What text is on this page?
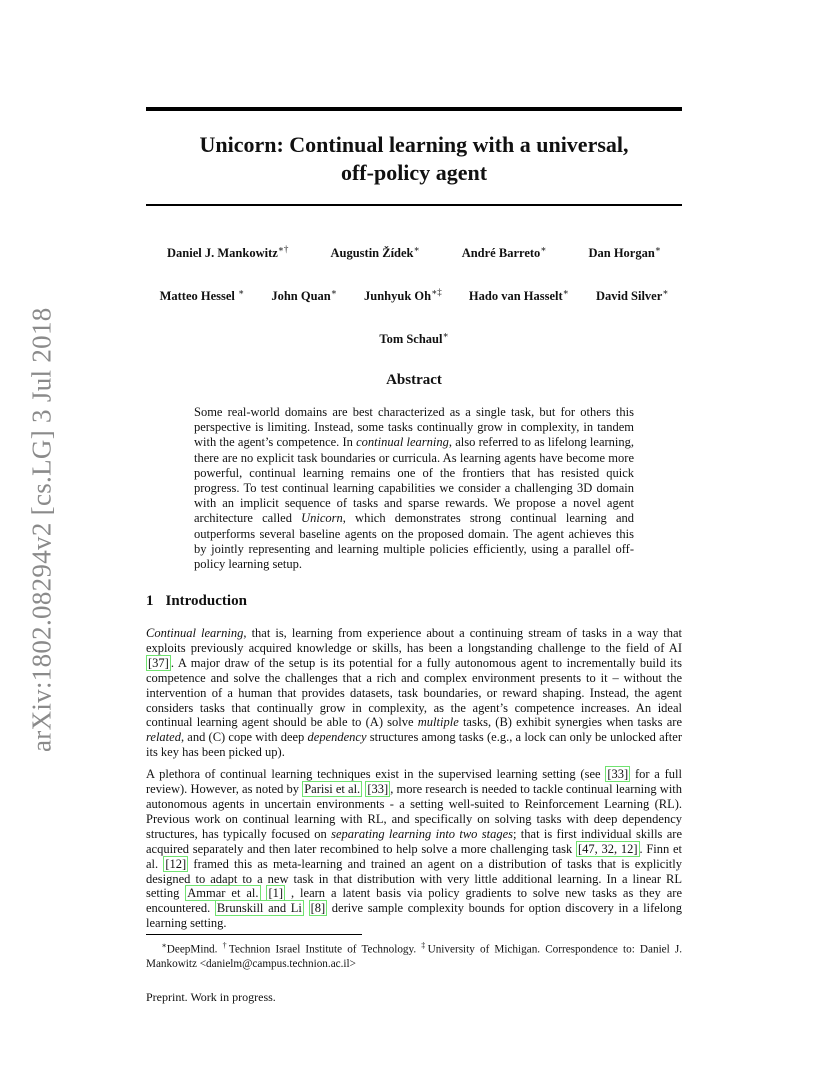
arXiv:1802.08294v2 [cs.LG] 3 Jul 2018
Unicorn: Continual learning with a universal,
off-policy agent
Daniel J. Mankowitz∗†	Augustin Žídek∗	André Barreto∗	Dan Horgan∗
Matteo Hessel ∗ John Quan∗ Junhyuk Oh∗‡ Hado van Hasselt∗ David Silver∗
Tom Schaul∗
Abstract
Some real-world domains are best characterized as a single task, but for others this perspective is limiting. Instead, some tasks continually grow in complexity, in tandem with the agent’s competence. In continual learning, also referred to as lifelong learning, there are no explicit task boundaries or curricula. As learning agents have become more powerful, continual learning remains one of the frontiers that has resisted quick progress. To test continual learning capabilities we consider a challenging 3D domain with an implicit sequence of tasks and sparse rewards. We propose a novel agent architecture called Unicorn, which demonstrates strong continual learning and outperforms several baseline agents on the proposed domain. The agent achieves this by jointly representing and learning multiple policies efficiently, using a parallel off-policy learning setup.
1 Introduction

Continual learning, that is, learning from experience about a continuing stream of tasks in a way that exploits previously acquired knowledge or skills, has been a longstanding challenge to the field of AI [37] . A major draw of the setup is its potential for a fully autonomous agent to incrementally build its competence and solve the challenges that a rich and complex environment presents to it – without the intervention of a human that provides datasets, task boundaries, or reward shaping. Instead, the agent considers tasks that continually grow in complexity, as the agent’s competence increases. An ideal continual learning agent should be able to (A) solve multiple tasks, (B) exhibit synergies when tasks are related, and (C) cope with deep dependency structures among tasks (e.g., a lock can only be unlocked after its key has been picked up).

A plethora of continual learning techniques exist in the supervised learning setting (see [33] for a full review). However, as noted by Parisi et al. [33] , more research is needed to tackle continual learning with autonomous agents in uncertain environments - a setting well-suited to Reinforcement Learning (RL). Previous work on continual learning with RL, and specifically on solving tasks with deep dependency structures, has typically focused on separating learning into two stages; that is first individual skills are acquired separately and then later recombined to help solve a more challenging task [47, 32, 12] . Finn et al. [12] framed this as meta-learning and trained an agent on a distribution of tasks that is explicitly designed to adapt to a new task in that distribution with very little additional learning. In a linear RL setting Ammar et al. [1] , learn a latent basis via policy gradients to solve new tasks as they are encountered. Brunskill and Li [8] derive sample complexity bounds for option discovery in a lifelong learning setting.

∗DeepMind. †Technion Israel Institute of Technology. ‡University of Michigan. Correspondence to: Daniel J. Mankowitz <danielm@campus.technion.ac.il>
Preprint. Work in progress.
